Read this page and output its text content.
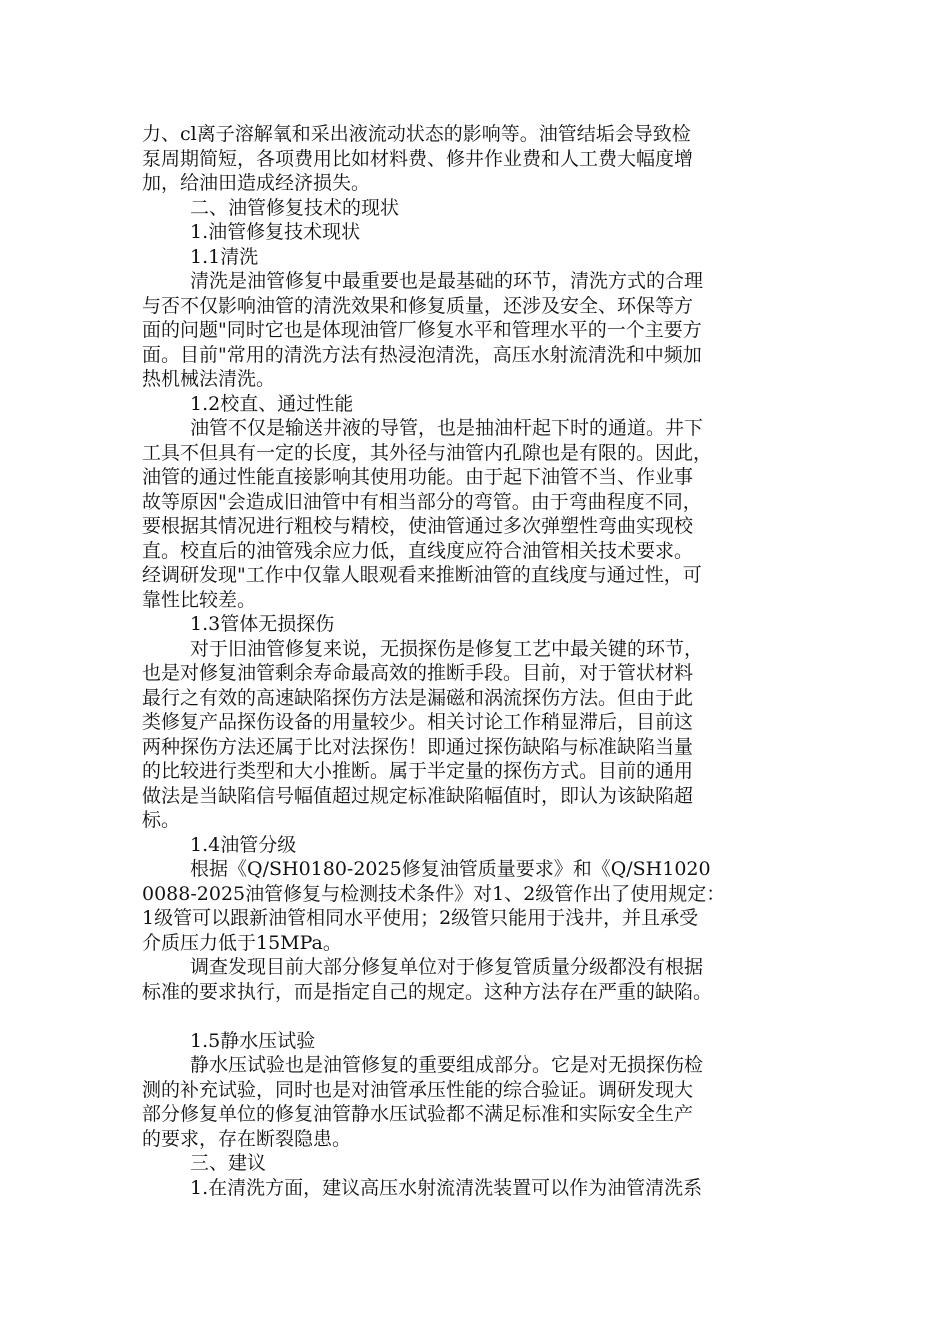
力、cl离子溶解氧和采出液流动状态的影响等。油管结垢会导致检
泵周期简短，各项费用比如材料费、修井作业费和人工费大幅度增
加，给油田造成经济损失。
二、油管修复技术的现状
1.油管修复技术现状
1.1清洗
清洗是油管修复中最重要也是最基础的环节，清洗方式的合理
与否不仅影响油管的清洗效果和修复质量，还涉及安全、环保等方
面的问题"同时它也是体现油管厂修复水平和管理水平的一个主要方
面。目前"常用的清洗方法有热浸泡清洗，高压水射流清洗和中频加
热机械法清洗。
1.2校直、通过性能
油管不仅是输送井液的导管，也是抽油杆起下时的通道。井下
工具不但具有一定的长度，其外径与油管内孔隙也是有限的。因此，
油管的通过性能直接影响其使用功能。由于起下油管不当、作业事
故等原因"会造成旧油管中有相当部分的弯管。由于弯曲程度不同，
要根据其情况进行粗校与精校，使油管通过多次弹塑性弯曲实现校
直。校直后的油管残余应力低，直线度应符合油管相关技术要求。
经调研发现"工作中仅靠人眼观看来推断油管的直线度与通过性，可
靠性比较差。
1.3管体无损探伤
对于旧油管修复来说，无损探伤是修复工艺中最关键的环节，
也是对修复油管剩余寿命最高效的推断手段。目前，对于管状材料
最行之有效的高速缺陷探伤方法是漏磁和涡流探伤方法。但由于此
类修复产品探伤设备的用量较少。相关讨论工作稍显滞后，目前这
两种探伤方法还属于比对法探伤！即通过探伤缺陷与标准缺陷当量
的比较进行类型和大小推断。属于半定量的探伤方式。目前的通用
做法是当缺陷信号幅值超过规定标准缺陷幅值时，即认为该缺陷超
标。
1.4油管分级
根据《Q/SH0180-2025修复油管质量要求》和《Q/SH1020
0088-2025油管修复与检测技术条件》对1、2级管作出了使用规定：
1级管可以跟新油管相同水平使用；2级管只能用于浅井，并且承受
介质压力低于15MPa。
调查发现目前大部分修复单位对于修复管质量分级都没有根据
标准的要求执行，而是指定自己的规定。这种方法存在严重的缺陷。
1.5静水压试验
静水压试验也是油管修复的重要组成部分。它是对无损探伤检
测的补充试验，同时也是对油管承压性能的综合验证。调研发现大
部分修复单位的修复油管静水压试验都不满足标准和实际安全生产
的要求，存在断裂隐患。
三、建议
1.在清洗方面，建议高压水射流清洗装置可以作为油管清洗系
